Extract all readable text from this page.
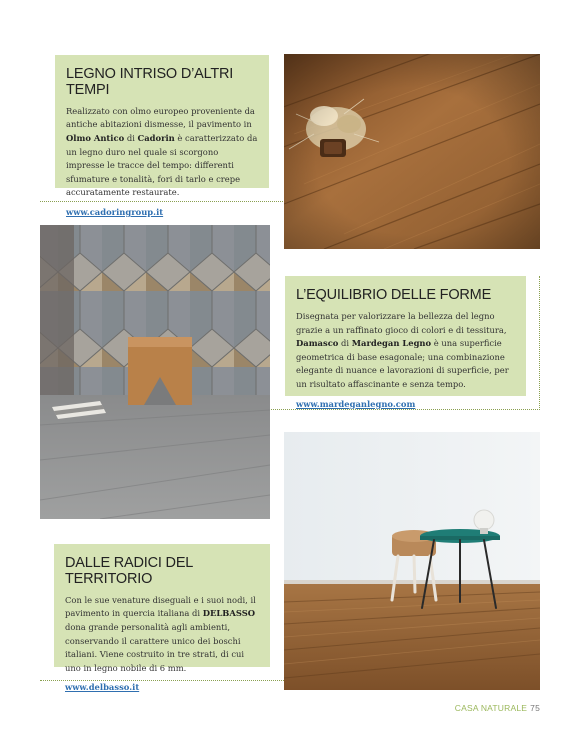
LEGNO INTRISO D’ALTRI TEMPI

Realizzato con olmo europeo proveniente da antiche abitazioni dismesse, il pavimento in Olmo Antico di Cadorin è caratterizzato da un legno duro nel quale si scorgono impresse le tracce del tempo: differenti sfumature e tonalità, fori di tarlo e crepe accuratamente restaurate.

www.cadoringroup.it
L’EQUILIBRIO DELLE FORME

Disegnata per valorizzare la bellezza del legno grazie a un raffinato gioco di colori e di tessitura, Damasco di Mardegan Legno è una superficie geometrica di base esagonale; una combinazione elegante di nuance e lavorazioni di superficie, per un risultato affascinante e senza tempo.

www.mardeganlegno.com
DALLE RADICI DEL TERRITORIO

Con le sue venature diseguali e i suoi nodi, il pavimento in quercia italiana di DELBASSO dona grande personalità agli ambienti, conservando il carattere unico dei boschi italiani. Viene costruito in tre strati, di cui uno in legno nobile di 6 mm.

www.delbasso.it
CASA NATURALE 75
